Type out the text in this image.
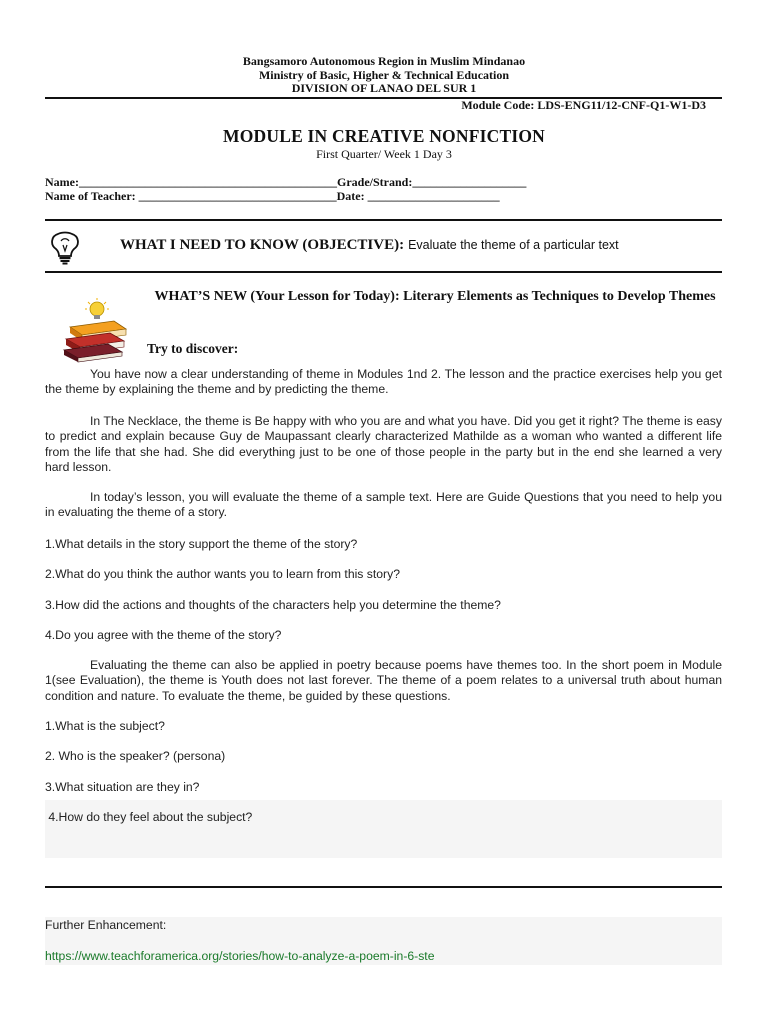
Bangsamoro Autonomous Region in Muslim Mindanao
Ministry of Basic, Higher & Technical Education
DIVISION OF LANAO DEL SUR 1
Module Code: LDS-ENG11/12-CNF-Q1-W1-D3
MODULE IN CREATIVE NONFICTION
First Quarter/ Week 1 Day 3
Name:___________________________________________Grade/Strand:___________________
Name of Teacher: _________________________________Date: ______________________
WHAT I NEED TO KNOW (OBJECTIVE): Evaluate the theme of a particular text
WHAT’S NEW (Your Lesson for Today): Literary Elements as Techniques to Develop Themes
Try to discover:
You have now a clear understanding of theme in Modules 1nd 2. The lesson and the practice exercises help you get the theme by explaining the theme and by predicting the theme.
In The Necklace, the theme is Be happy with who you are and what you have. Did you get it right? The theme is easy to predict and explain because Guy de Maupassant clearly characterized Mathilde as a woman who wanted a different life from the life that she had. She did everything just to be one of those people in the party but in the end she learned a very hard lesson.
In today’s lesson, you will evaluate the theme of a sample text. Here are Guide Questions that you need to help you in evaluating the theme of a story.
1.What details in the story support the theme of the story?
2.What do you think the author wants you to learn from this story?
3.How did the actions and thoughts of the characters help you determine the theme?
4.Do you agree with the theme of the story?
Evaluating the theme can also be applied in poetry because poems have themes too. In the short poem in Module 1(see Evaluation), the theme is Youth does not last forever. The theme of a poem relates to a universal truth about human condition and nature. To evaluate the theme, be guided by these questions.
1.What is the subject?
2. Who is the speaker? (persona)
3.What situation are they in?
4.How do they feel about the subject?
Further Enhancement:
https://www.teachforamerica.org/stories/how-to-analyze-a-poem-in-6-ste
